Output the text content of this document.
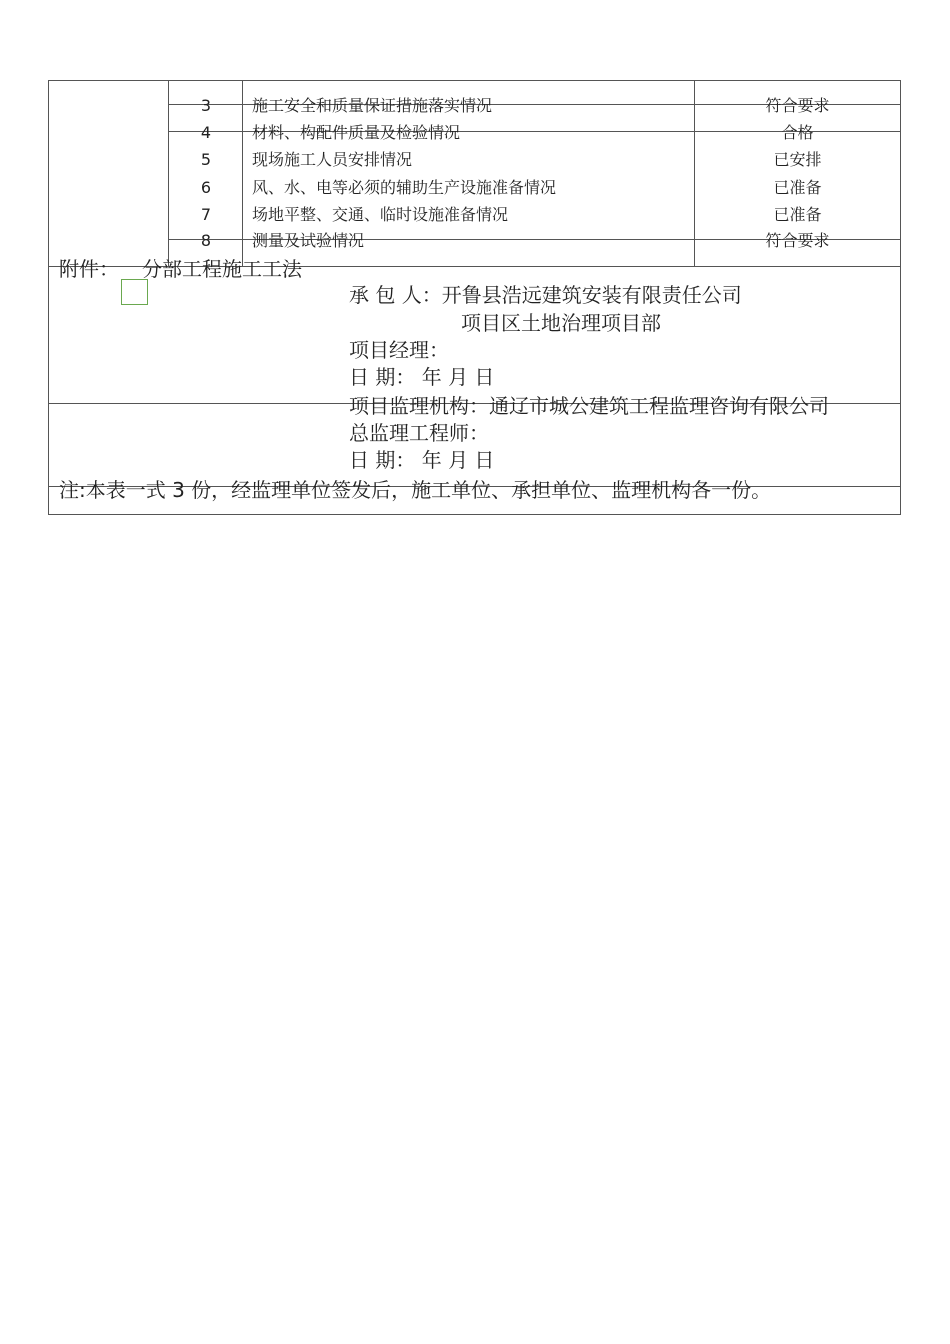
3	施工安全和质量保证措施落实情况	符合要求
4	材料、构配件质量及检验情况	合格
5	现场施工人员安排情况	已安排
6	风、水、电等必须的辅助生产设施准备情况	已准备
7	场地平整、交通、临时设施准备情况	已准备
8	测量及试验情况	符合要求
附件： 分部工程施工工法
承 包 人：开鲁县浩远建筑安装有限责任公司
项目区土地治理项目部
项目经理：
日 期： 年 月 日
项目监理机构：通辽市城公建筑工程监理咨询有限公司
总监理工程师：
日 期： 年 月 日
注:本表一式 3 份，经监理单位签发后，施工单位、承担单位、监理机构各一份。
